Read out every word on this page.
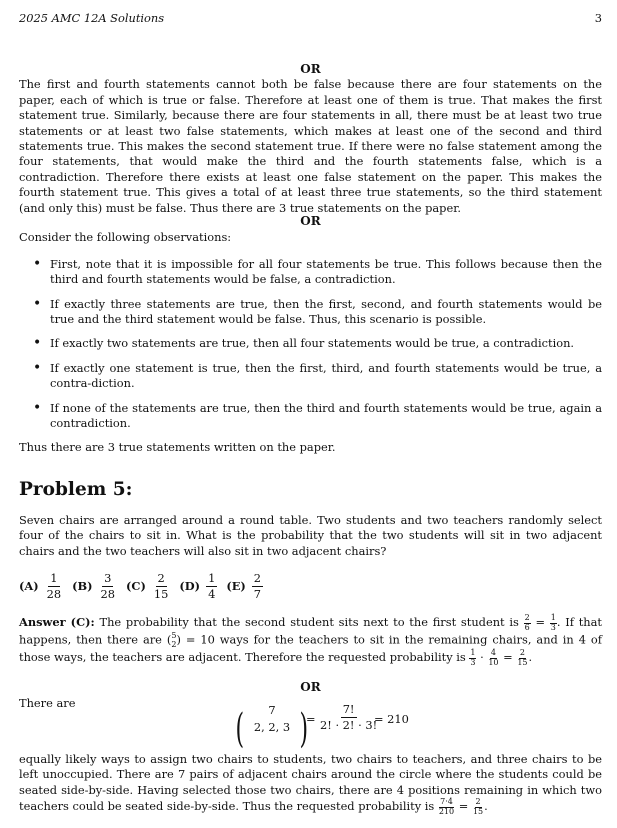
2025 AMC 12A Solutions	3
OR

The first and fourth statements cannot both be false because there are four statements on the paper, each of which is true or false. Therefore at least one of them is true. That makes the first statement true. Similarly, because there are four statements in all, there must be at least two true statements or at least two false statements, which makes at least one of the second and third statements true. This makes the second statement true. If there were no false statement among the four statements, that would make the third and the fourth statements false, which is a contradiction. Therefore there exists at least one false statement on the paper. This makes the fourth statement true. This gives a total of at least three true statements, so the third statement (and only this) must be false. Thus there are 3 true statements on the paper.

OR

Consider the following observations:

• First, note that it is impossible for all four statements be true. This follows because then the third and fourth statements would be false, a contradiction.
• If exactly three statements are true, then the first, second, and fourth statements would be true and the third statement would be false. Thus, this scenario is possible.
• If exactly two statements are true, then all four statements would be true, a contradiction.
• If exactly one statement is true, then the first, third, and fourth statements would be true, a contra-diction.
• If none of the statements are true, then the third and fourth statements would be true, again a contradiction.

Thus there are 3 true statements written on the paper.

Problem 5:

Seven chairs are arranged around a round table. Two students and two teachers randomly select four of the chairs to sit in. What is the probability that the two students will sit in two adjacent chairs and the two teachers will also sit in two adjacent chairs?

$(A) \frac{1}{28} (B) \frac{3}{28} (C) \frac{2}{15} (D) \frac{1}{4} (E) \frac{2}{7}$

Answer (C): The probability that the second student sits next to the first student is $\frac{2}{6} = \frac{1}{3}$ . If that happens, then there are ( 5
2 ) = 10 ways for the teachers to sit in the remaining chairs, and in 4 of those ways, the teachers are adjacent. Therefore the requested probability is $\frac{1}{3} \cdot \frac{4}{10} = \frac{2}{15}$ .

OR

There are

(	7
2, 2, 3 )
= $\frac{7!}{2! \cdot 2! \cdot 3!}$
= 210

equally likely ways to assign two chairs to students, two chairs to teachers, and three chairs to be left unoccupied. There are 7 pairs of adjacent chairs around the circle where the students could be seated side-by-side. Having selected those two chairs, there are 4 positions remaining in which two teachers could be seated side-by-side. Thus the requested probability is $\frac{7\cdot 4}{210} = \frac{2}{15}$ .
